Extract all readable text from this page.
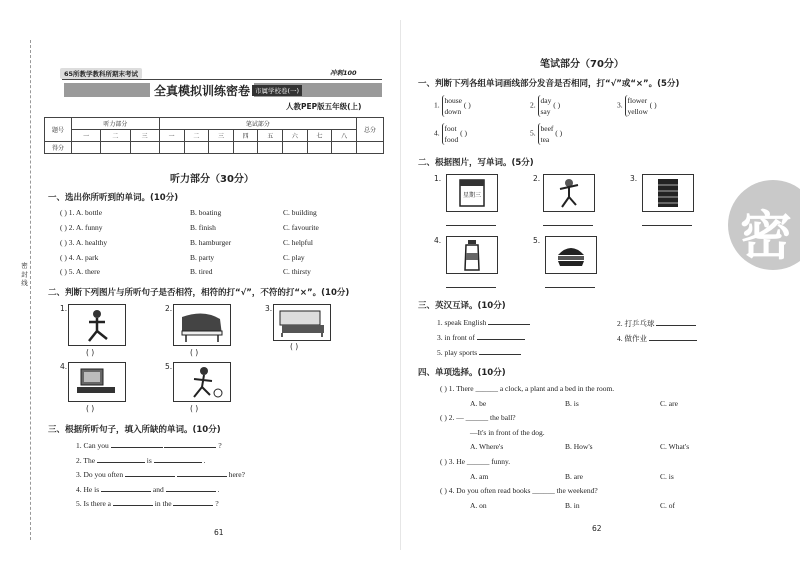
密 封 线
65所教学教科所期末考试	冲刺100
全真模拟训练密卷 市属学校卷(一)
人教PEP版五年级(上)
题号	听力部分			笔试部分								总分
	一	二	三	一	二	三	四	五	六	七	八	
得分												
听力部分（30分）
一、选出你所听到的单词。(10分)
( ) 1. A. bottle	B. boating	C. building
( ) 2. A. funny	B. finish	C. favourite
( ) 3. A. healthy	B. hamburger	C. helpful
( ) 4. A. park	B. party	C. play
( ) 5. A. there	B. tired	C. thirsty
二、判断下列图片与所听句子是否相符，相符的打“√”，不符的打“×”。(10分)
1.
( )
2.
( )
3.
( )
4.
( )
5.
( )
三、根据所听句子，填入所缺的单词。(10分)
1. Can you	?
2. The	is	.
3. Do you often	here?
4. He is	and	.
5. Is there a	in the	?
61
笔试部分（70分）
一、判断下列各组单词画线部分发音是否相同，打“√”或“×”。(5分)
1. house
down ( )	2. day
say ( )	3. flower
yellow ( )
4. foot
food ( )	5. beef
tea ( )
二、根据图片，写单词。(5分)
1.
星期三
2.	3.
4.	5.
三、英汉互译。(10分)
1. speak English	2. 打乒乓球
3. in front of	4. 做作业
5. play sports
四、单项选择。(10分)
( ) 1. There ______ a clock, a plant and a bed in the room.
A. be	B. is	C. are
( ) 2. — ______ the ball?
—It's in front of the dog.
A. Where's	B. How's	C. What's
( ) 3. He ______ funny.
A. am	B. are	C. is
( ) 4. Do you often read books ______ the weekend?
A. on	B. in	C. of
62
密
